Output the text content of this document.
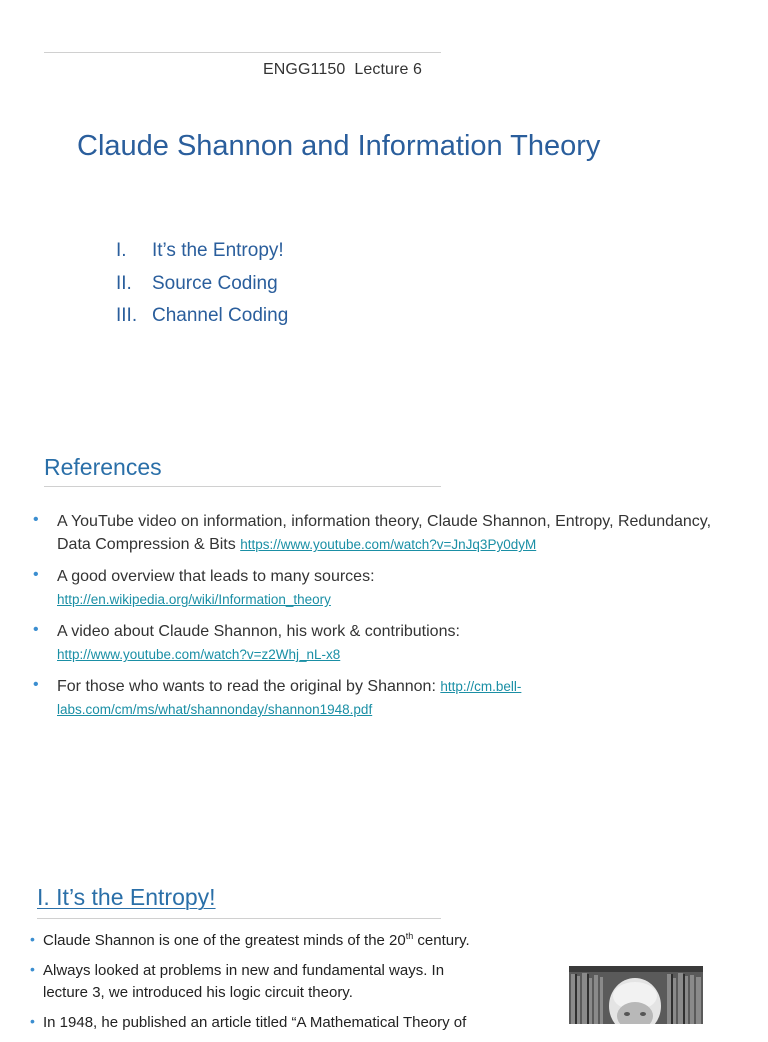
ENGG1150  Lecture 6
Claude Shannon and Information Theory
I. It’s the Entropy!
II. Source Coding
III. Channel Coding
References
• A YouTube video on information, information theory, Claude Shannon, Entropy, Redundancy, Data Compression & Bits https://www.youtube.com/watch?v=JnJq3Py0dyM
• A good overview that leads to many sources:
http://en.wikipedia.org/wiki/Information_theory
• A video about Claude Shannon, his work & contributions:
http://www.youtube.com/watch?v=z2Whj_nL-x8
• For those who wants to read the original by Shannon: http://cm.bell-labs.com/cm/ms/what/shannonday/shannon1948.pdf
I. It’s the Entropy!
• Claude Shannon is one of the greatest minds of the 20th century.
• Always looked at problems in new and fundamental ways. In lecture 3, we introduced his logic circuit theory.
• In 1948, he published an article titled “A Mathematical Theory of
